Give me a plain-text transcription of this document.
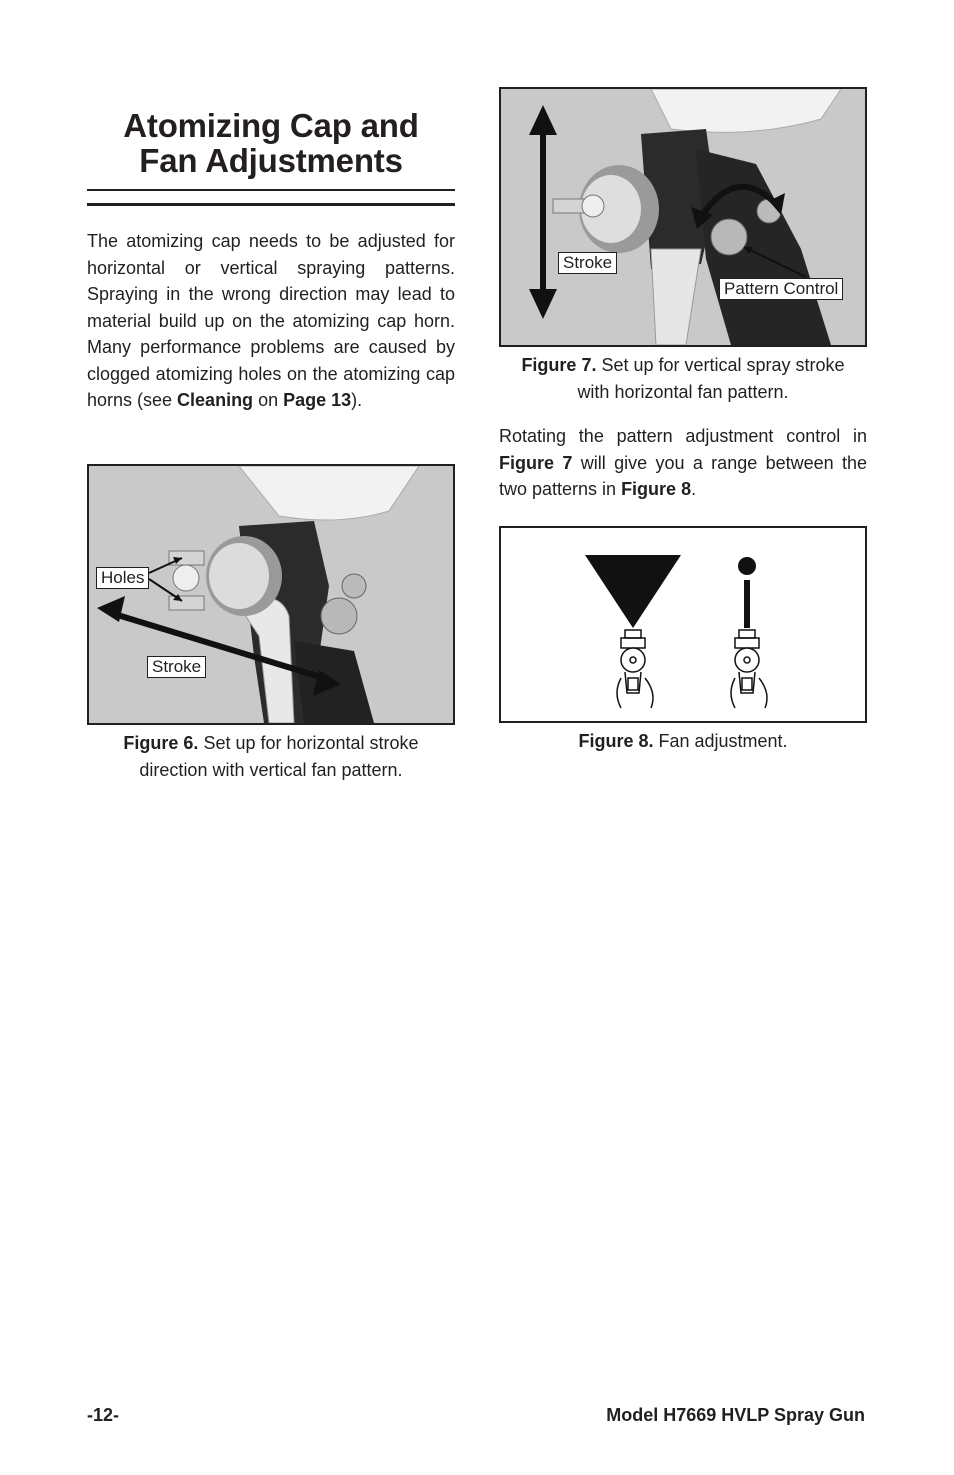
Atomizing Cap and
Fan Adjustments
The atomizing cap needs to be adjusted for horizontal or vertical spraying patterns. Spraying in the wrong direction may lead to material build up on the atomizing cap horn. Many performance problems are caused by clogged atomizing holes on the atomizing cap horns (see Cleaning on Page 13).
Holes
Stroke
Figure 6. Set up for horizontal stroke
direction with vertical fan pattern.
Stroke
Pattern Control
Figure 7. Set up for vertical spray stroke
with horizontal fan pattern.
Rotating the pattern adjustment control in Figure 7 will give you a range between the two patterns in Figure 8.
Figure 8. Fan adjustment.
-12-	Model H7669 HVLP Spray Gun
